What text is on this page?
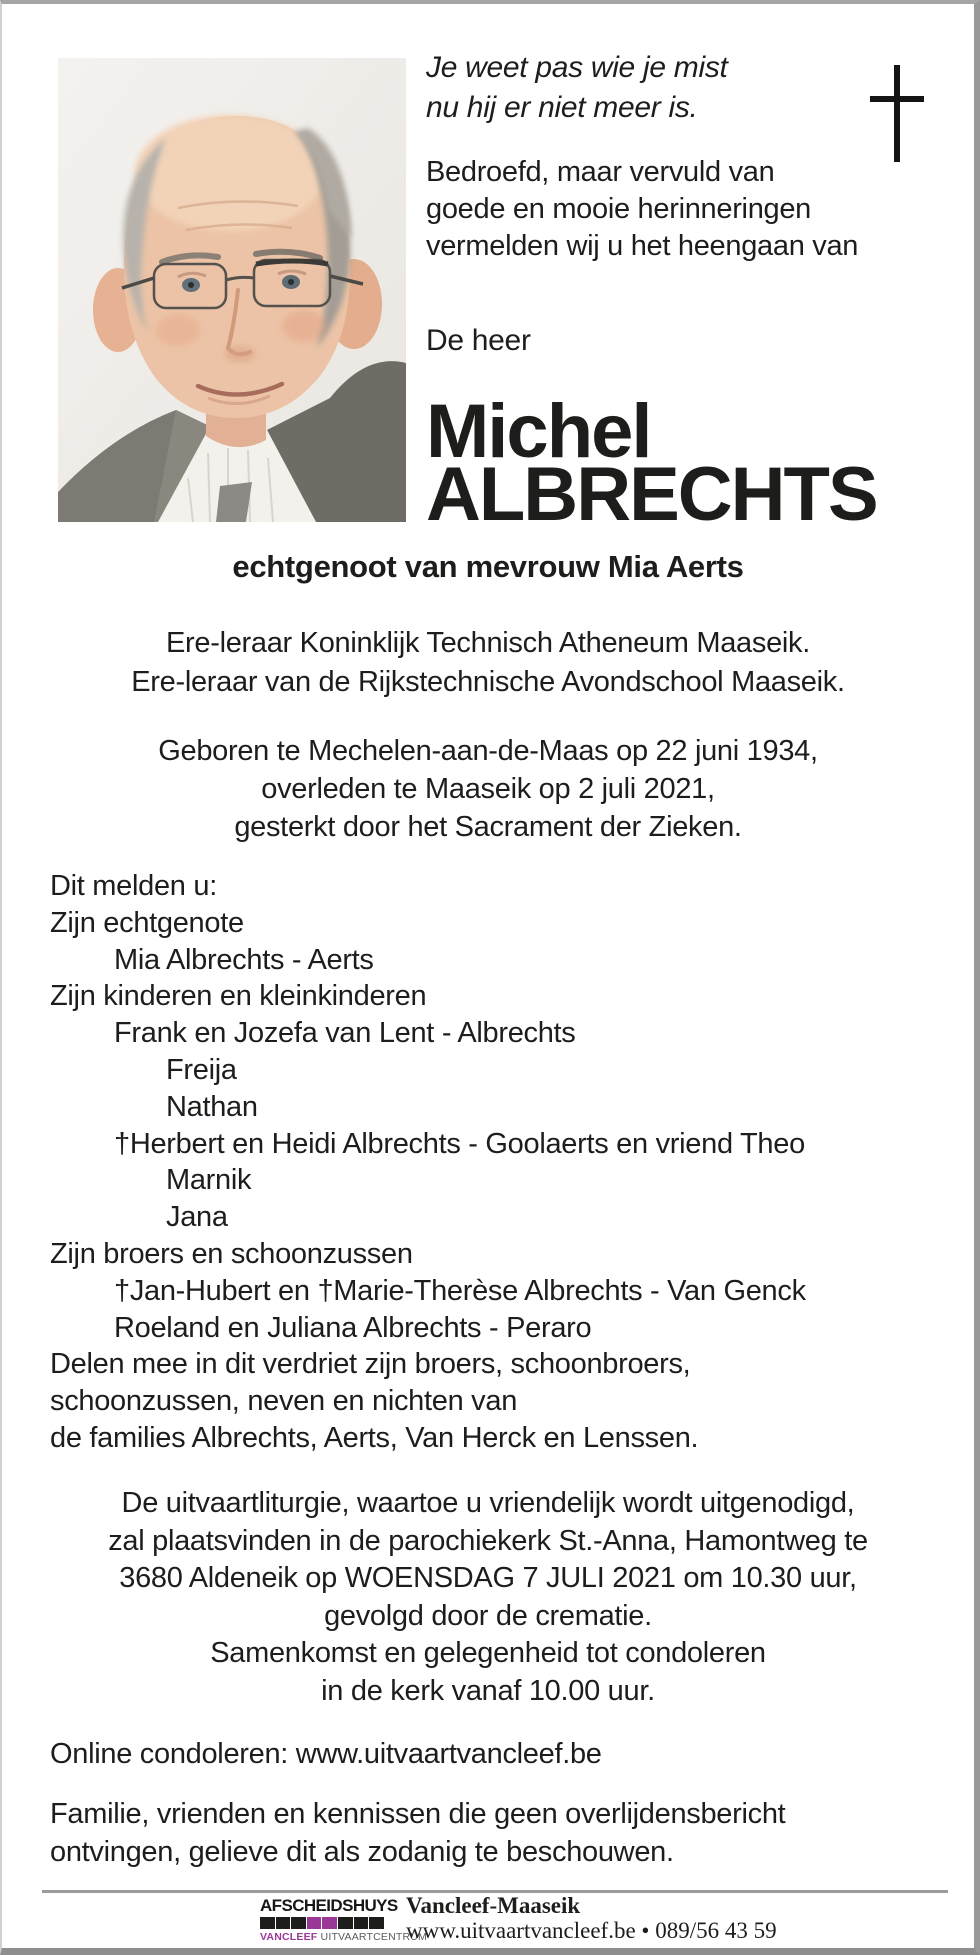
Je weet pas wie je mist
nu hij er niet meer is.
Bedroefd, maar vervuld van
goede en mooie herinneringen
vermelden wij u het heengaan van
De heer
Michel
ALBRECHTS
echtgenoot van mevrouw Mia Aerts
Ere-leraar Koninklijk Technisch Atheneum Maaseik.
Ere-leraar van de Rijkstechnische Avondschool Maaseik.
Geboren te Mechelen-aan-de-Maas op 22 juni 1934,
overleden te Maaseik op 2 juli 2021,
gesterkt door het Sacrament der Zieken.
Dit melden u:
Zijn echtgenote
Mia Albrechts - Aerts
Zijn kinderen en kleinkinderen
Frank en Jozefa van Lent - Albrechts
Freija
Nathan
†Herbert en Heidi Albrechts - Goolaerts en vriend Theo
Marnik
Jana
Zijn broers en schoonzussen
†Jan-Hubert en †Marie-Therèse Albrechts - Van Genck
Roeland en Juliana Albrechts - Peraro
Delen mee in dit verdriet zijn broers, schoonbroers,
schoonzussen, neven en nichten van
de families Albrechts, Aerts, Van Herck en Lenssen.
De uitvaartliturgie, waartoe u vriendelijk wordt uitgenodigd,
zal plaatsvinden in de parochiekerk St.-Anna, Hamontweg te
3680 Aldeneik op WOENSDAG 7 JULI 2021 om 10.30 uur,
gevolgd door de crematie.
Samenkomst en gelegenheid tot condoleren
in de kerk vanaf 10.00 uur.
Online condoleren: www.uitvaartvancleef.be
Familie, vrienden en kennissen die geen overlijdensbericht
ontvingen, gelieve dit als zodanig te beschouwen.
AFSCHEIDSHUYS
VANCLEEF UITVAARTCENTRUM
Vancleef-Maaseik
www.uitvaartvancleef.be • 089/56 43 59
